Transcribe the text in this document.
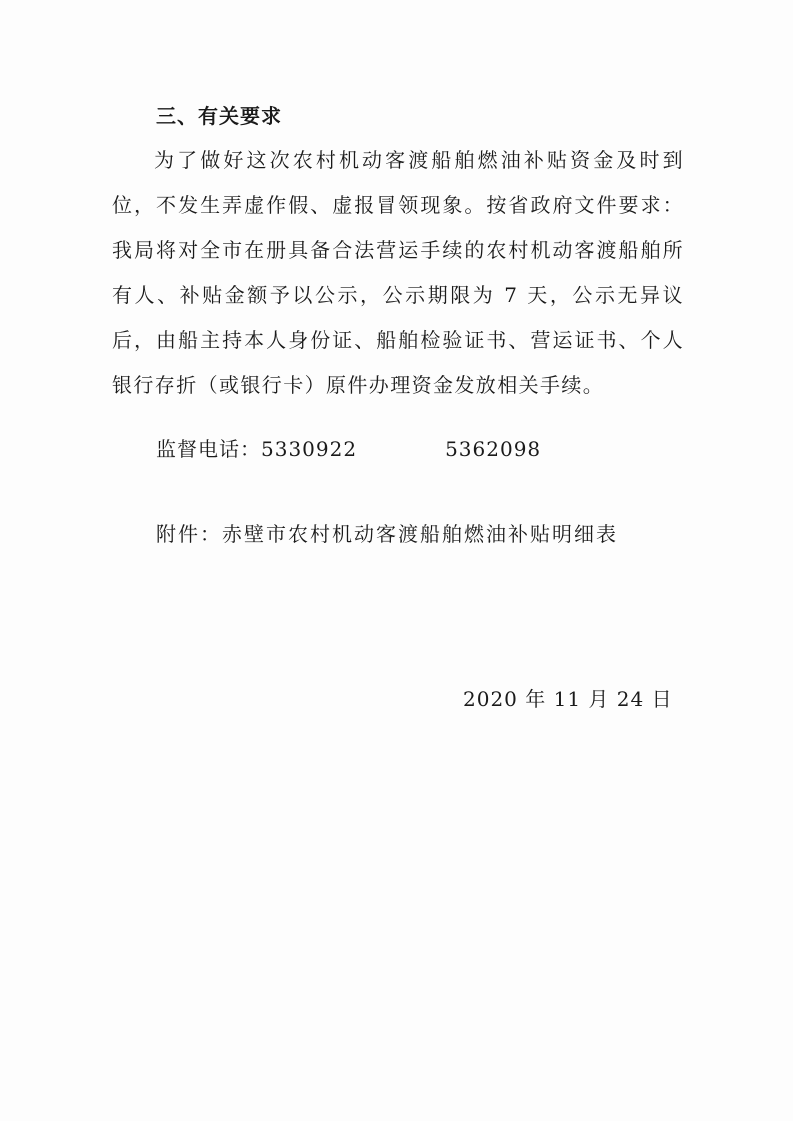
三、有关要求
为了做好这次农村机动客渡船舶燃油补贴资金及时到位，不发生弄虚作假、虚报冒领现象。按省政府文件要求：我局将对全市在册具备合法营运手续的农村机动客渡船舶所有人、补贴金额予以公示，公示期限为 7 天，公示无异议后，由船主持本人身份证、船舶检验证书、营运证书、个人银行存折（或银行卡）原件办理资金发放相关手续。
监督电话：5330922	5362098
附件：赤壁市农村机动客渡船舶燃油补贴明细表
2020 年 11 月 24 日
